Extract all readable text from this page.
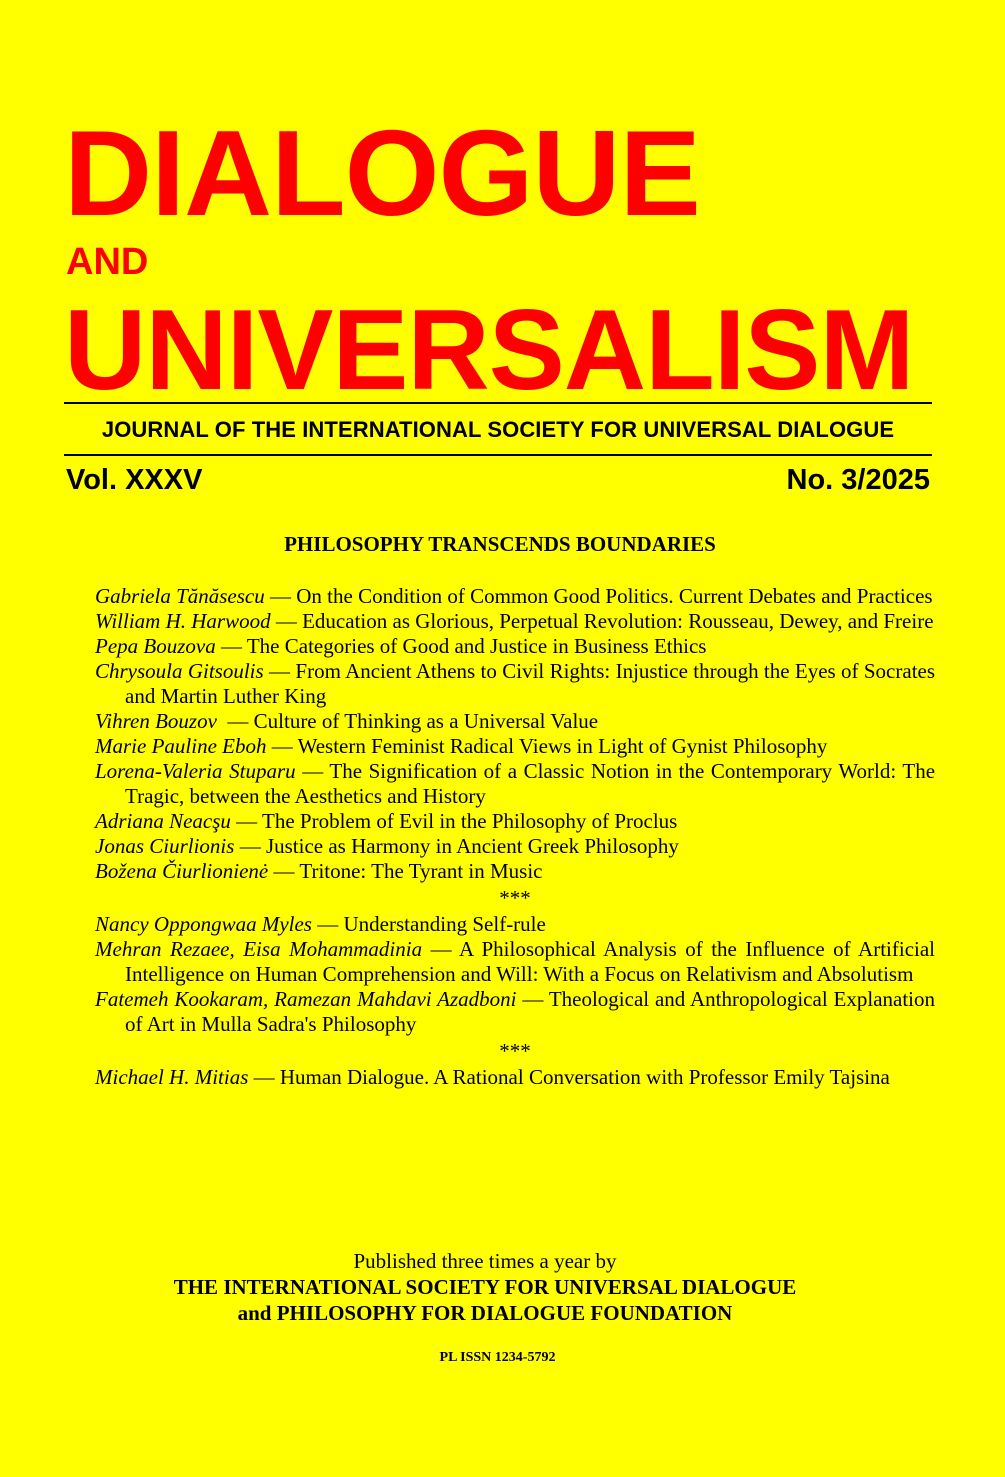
DIALOGUE
AND
UNIVERSALISM
JOURNAL OF THE INTERNATIONAL SOCIETY FOR UNIVERSAL DIALOGUE
Vol. XXXV	No. 3/2025
PHILOSOPHY TRANSCENDS BOUNDARIES
Gabriela Tănăsescu — On the Condition of Common Good Politics. Current Debates and Practices
William H. Harwood — Education as Glorious, Perpetual Revolution: Rousseau, Dewey, and Freire
Pepa Bouzova — The Categories of Good and Justice in Business Ethics
Chrysoula Gitsoulis — From Ancient Athens to Civil Rights: Injustice through the Eyes of Socrates and Martin Luther King
Vihren Bouzov — Culture of Thinking as a Universal Value
Marie Pauline Eboh — Western Feminist Radical Views in Light of Gynist Philosophy
Lorena-Valeria Stuparu — The Signification of a Classic Notion in the Contemporary World: The Tragic, between the Aesthetics and History
Adriana Neacşu — The Problem of Evil in the Philosophy of Proclus
Jonas Ciurlionis — Justice as Harmony in Ancient Greek Philosophy
Božena Čiurlionienė — Tritone: The Tyrant in Music
***
Nancy Oppongwaa Myles — Understanding Self-rule
Mehran Rezaee, Eisa Mohammadinia — A Philosophical Analysis of the Influence of Artificial Intelligence on Human Comprehension and Will: With a Focus on Relativism and Absolutism
Fatemeh Kookaram, Ramezan Mahdavi Azadboni — Theological and Anthropological Explanation of Art in Mulla Sadra's Philosophy
***
Michael H. Mitias — Human Dialogue. A Rational Conversation with Professor Emily Tajsina
Published three times a year by
THE INTERNATIONAL SOCIETY FOR UNIVERSAL DIALOGUE
and PHILOSOPHY FOR DIALOGUE FOUNDATION
PL ISSN 1234-5792
